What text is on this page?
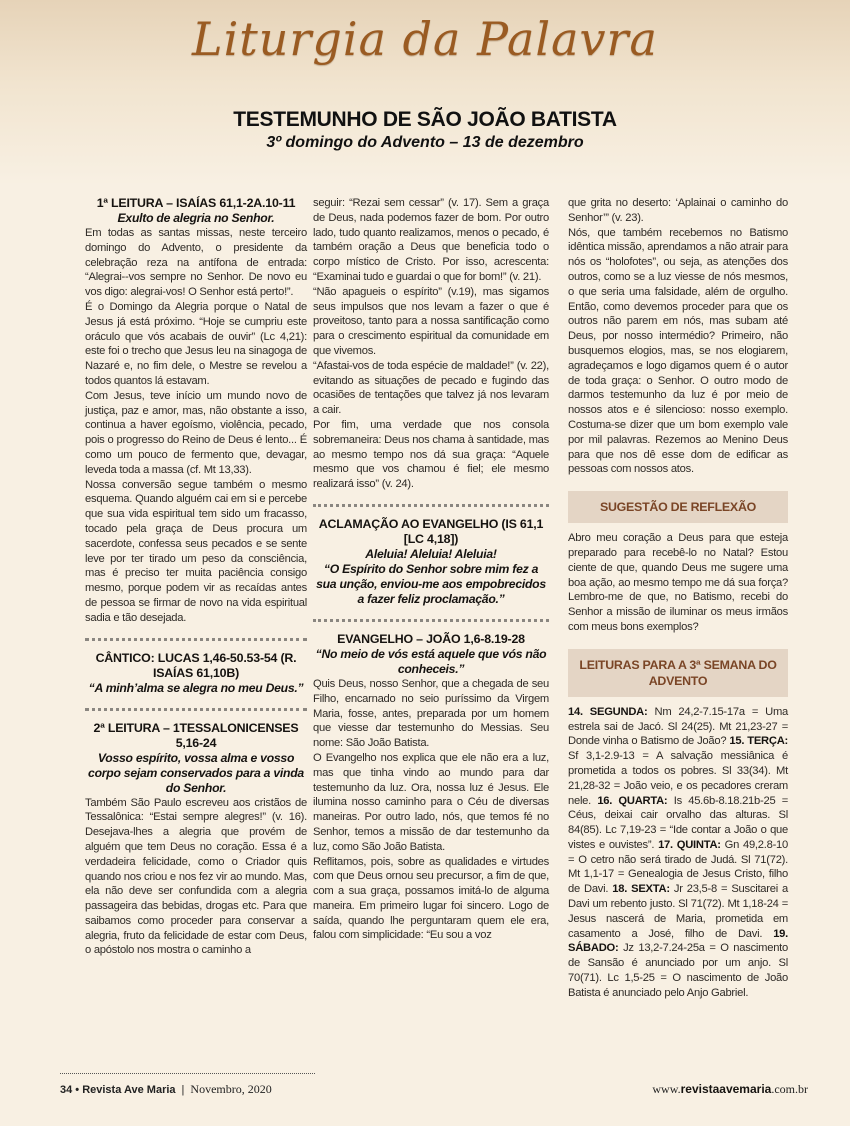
Liturgia da Palavra
TESTEMUNHO DE SÃO JOÃO BATISTA
3º domingo do Advento – 13 de dezembro
1ª LEITURA – ISAÍAS 61,1-2A.10-11
Exulto de alegria no Senhor.

Em todas as santas missas, neste terceiro domingo do Advento, o presidente da celebração reza na antífona de entrada: “Alegrai--vos sempre no Senhor. De novo eu vos digo: alegrai-vos! O Senhor está perto!”.

É o Domingo da Alegria porque o Natal de Jesus já está próximo. “Hoje se cumpriu este oráculo que vós acabais de ouvir” (Lc 4,21): este foi o trecho que Jesus leu na sinagoga de Nazaré e, no fim dele, o Mestre se revelou a todos quantos lá estavam.

Com Jesus, teve início um mundo novo de justiça, paz e amor, mas, não obstante a isso, continua a haver egoísmo, violência, pecado, pois o progresso do Reino de Deus é lento... É como um pouco de fermento que, devagar, leveda toda a massa (cf. Mt 13,33).

Nossa conversão segue também o mesmo esquema. Quando alguém cai em si e percebe que sua vida espiritual tem sido um fracasso, tocado pela graça de Deus procura um sacerdote, confessa seus pecados e se sente leve por ter tirado um peso da consciência, mas é preciso ter muita paciência consigo mesmo, porque podem vir as recaídas antes de pessoa se firmar de novo na vida espiritual sadia e tão desejada.

CÂNTICO: LUCAS 1,46-50.53-54 (R. ISAÍAS 61,10B)
“A minh’alma se alegra no meu Deus.”
2ª LEITURA – 1TESSALONICENSES 5,16-24
Vosso espírito, vossa alma e vosso corpo sejam conservados para a vinda do Senhor.

Também São Paulo escreveu aos cristãos de Tessalônica: “Estai sempre alegres!” (v. 16). Desejava-lhes a alegria que provém de alguém que tem Deus no coração. Essa é a verdadeira felicidade, como o Criador quis quando nos criou e nos fez vir ao mundo. Mas, ela não deve ser confundida com a alegria passageira das bebidas, drogas etc. Para que saibamos como proceder para conservar a alegria, fruto da felicidade de estar com Deus, o apóstolo nos mostra o caminho a

seguir: “Rezai sem cessar” (v. 17). Sem a graça de Deus, nada podemos fazer de bom. Por outro lado, tudo quanto realizamos, menos o pecado, é também oração a Deus que beneficia todo o corpo místico de Cristo. Por isso, acrescenta: “Examinai tudo e guardai o que for bom!” (v. 21).

“Não apagueis o espírito” (v.19), mas sigamos seus impulsos que nos levam a fazer o que é proveitoso, tanto para a nossa santificação como para o crescimento espiritual da comunidade em que vivemos.

“Afastai-vos de toda espécie de maldade!” (v. 22), evitando as situações de pecado e fugindo das ocasiões de tentações que talvez já nos levaram a cair.

Por fim, uma verdade que nos consola sobremaneira: Deus nos chama à santidade, mas ao mesmo tempo nos dá sua graça: “Aquele mesmo que vos chamou é fiel; ele mesmo realizará isso” (v. 24).

ACLAMAÇÃO AO EVANGELHO (IS 61,1 [LC 4,18])
Aleluia! Aleluia! Aleluia!
“O Espírito do Senhor sobre mim fez a sua unção, enviou-me aos empobrecidos a fazer feliz proclamação.”
EVANGELHO – JOÃO 1,6-8.19-28
“No meio de vós está aquele que vós não conheceis.”

Quis Deus, nosso Senhor, que a chegada de seu Filho, encarnado no seio puríssimo da Virgem Maria, fosse, antes, preparada por um homem que viesse dar testemunho do Messias. Seu nome: São João Batista.

O Evangelho nos explica que ele não era a luz, mas que tinha vindo ao mundo para dar testemunho da luz. Ora, nossa luz é Jesus. Ele ilumina nosso caminho para o Céu de diversas maneiras. Por outro lado, nós, que temos fé no Senhor, temos a missão de dar testemunho da luz, como São João Batista.

Reflitamos, pois, sobre as qualidades e virtudes com que Deus ornou seu precursor, a fim de que, com a sua graça, possamos imitá-lo de alguma maneira. Em primeiro lugar foi sincero. Logo de saída, quando lhe perguntaram quem ele era, falou com simplicidade: “Eu sou a voz

que grita no deserto: ‘Aplainai o caminho do Senhor’” (v. 23).

Nós, que também recebemos no Batismo idêntica missão, aprendamos a não atrair para nós os “holofotes”, ou seja, as atenções dos outros, como se a luz viesse de nós mesmos, o que seria uma falsidade, além de orgulho. Então, como devemos proceder para que os outros não parem em nós, mas subam até Deus, por nosso intermédio? Primeiro, não busquemos elogios, mas, se nos elogiarem, agradeçamos e logo digamos quem é o autor de toda graça: o Senhor. O outro modo de darmos testemunho da luz é por meio de nossos atos e é silencioso: nosso exemplo. Costuma-se dizer que um bom exemplo vale por mil palavras. Rezemos ao Menino Deus para que nos dê esse dom de edificar as pessoas com nossos atos.

SUGESTÃO DE REFLEXÃO

Abro meu coração a Deus para que esteja preparado para recebê-lo no Natal? Estou ciente de que, quando Deus me sugere uma boa ação, ao mesmo tempo me dá sua força? Lembro-me de que, no Batismo, recebi do Senhor a missão de iluminar os meus irmãos com meus bons exemplos?

LEITURAS PARA A 3ª SEMANA DO ADVENTO

14. SEGUNDA: Nm 24,2-7.15-17a = Uma estrela sai de Jacó. Sl 24(25). Mt 21,23-27 = Donde vinha o Batismo de João? 15. TERÇA: Sf 3,1-2.9-13 = A salvação messiânica é prometida a todos os pobres. Sl 33(34). Mt 21,28-32 = João veio, e os pecadores creram nele. 16. QUARTA: Is 45.6b-8.18.21b-25 = Céus, deixai cair orvalho das alturas. Sl 84(85). Lc 7,19-23 = “Ide contar a João o que vistes e ouvistes”. 17. QUINTA: Gn 49,2.8-10 = O cetro não será tirado de Judá. Sl 71(72). Mt 1,1-17 = Genealogia de Jesus Cristo, filho de Davi. 18. SEXTA: Jr 23,5-8 = Suscitarei a Davi um rebento justo. Sl 71(72). Mt 1,18-24 = Jesus nascerá de Maria, prometida em casamento a José, filho de Davi. 19. SÁBADO: Jz 13,2-7.24-25a = O nascimento de Sansão é anunciado por um anjo. Sl 70(71). Lc 1,5-25 = O nascimento de João Batista é anunciado pelo Anjo Gabriel.

34 • Revista Ave Maria | Novembro, 2020	www.revistaavemaria.com.br
